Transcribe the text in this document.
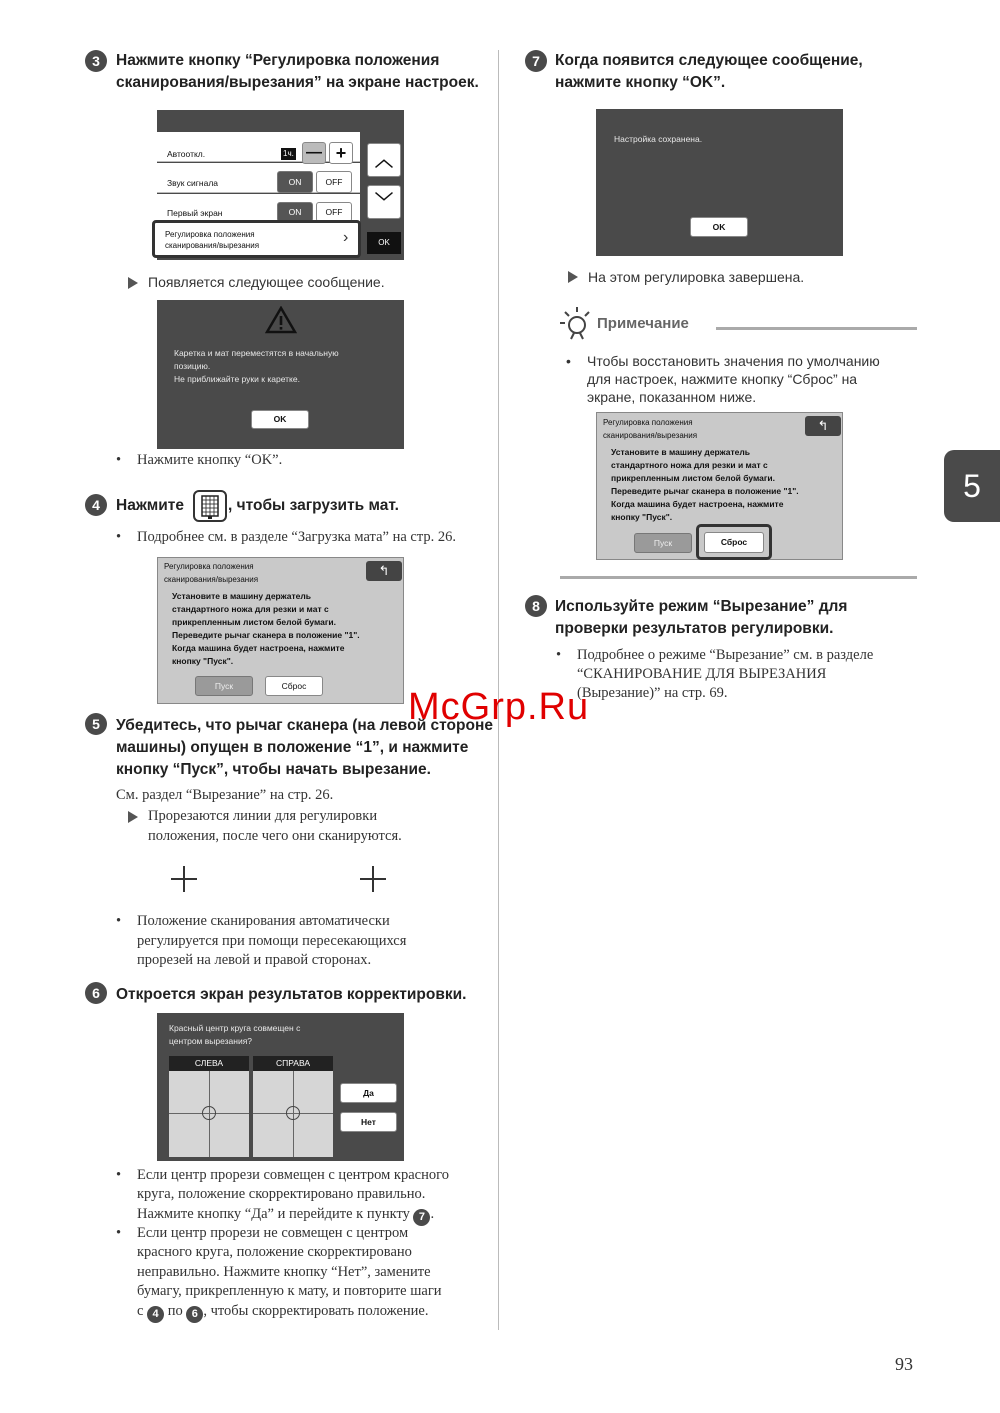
3	Нажмите кнопку “Регулировка положения
сканирования/вырезания” на экране настроек.
Автооткл.	1ч. — +
Звук сигнала	ON	OFF
Первый экран	ON	OFF
Регулировка положения
сканирования/вырезания	›
︿
﹀
OK
Появляется следующее сообщение.
Каретка и мат переместятся в начальную
позицию.
Не приближайте руки к каретке.
OK
• Нажмите кнопку “OK”.
4	Нажмите	, чтобы загрузить мат.
• Подробнее см. в разделе “Загрузка мата” на стр. 26.
Регулировка положения
сканирования/вырезания
↰
Установите в машину держатель
стандартного ножа для резки и мат с
прикрепленным листом белой бумаги.
Переведите рычаг сканера в положение "1".
Когда машина будет настроена, нажмите
кнопку "Пуск".
Пуск	Сброс
5	Убедитесь, что рычаг сканера (на левой стороне
машины) опущен в положение “1”, и нажмите
кнопку “Пуск”, чтобы начать вырезание.
См. раздел “Вырезание” на стр. 26.
Прорезаются линии для регулировки
положения, после чего они сканируются.
• Положение сканирования автоматически
регулируется при помощи пересекающихся
прорезей на левой и правой сторонах.
6	Откроется экран результатов корректировки.
Красный центр круга совмещен с
центром вырезания?
СЛЕВА	СПРАВА
Да
Нет
• Если центр прорези совмещен с центром красного
круга, положение скорректировано правильно.
Нажмите кнопку “Да” и перейдите к пункту 7 .
• Если центр прорези не совмещен с центром
красного круга, положение скорректировано
неправильно. Нажмите кнопку “Нет”, замените
бумагу, прикрепленную к мату, и повторите шаги
с 4 по 6 , чтобы скорректировать положение.
7 Когда появится следующее сообщение,
нажмите кнопку “OK”.
Настройка сохранена.
OK
На этом регулировка завершена.
Примечание
• Чтобы восстановить значения по умолчанию
для настроек, нажмите кнопку “Сброс” на
экране, показанном ниже.
Регулировка положения
сканирования/вырезания
↰
Установите в машину держатель
стандартного ножа для резки и мат с
прикрепленным листом белой бумаги.
Переведите рычаг сканера в положение "1".
Когда машина будет настроена, нажмите
кнопку "Пуск".
Пуск	Сброс
8 Используйте режим “Вырезание” для
проверки результатов регулировки.
• Подробнее о режиме “Вырезание” см. в разделе
“СКАНИРОВАНИЕ ДЛЯ ВЫРЕЗАНИЯ
(Вырезание)” на стр. 69.
McGrp.Ru
5
93
